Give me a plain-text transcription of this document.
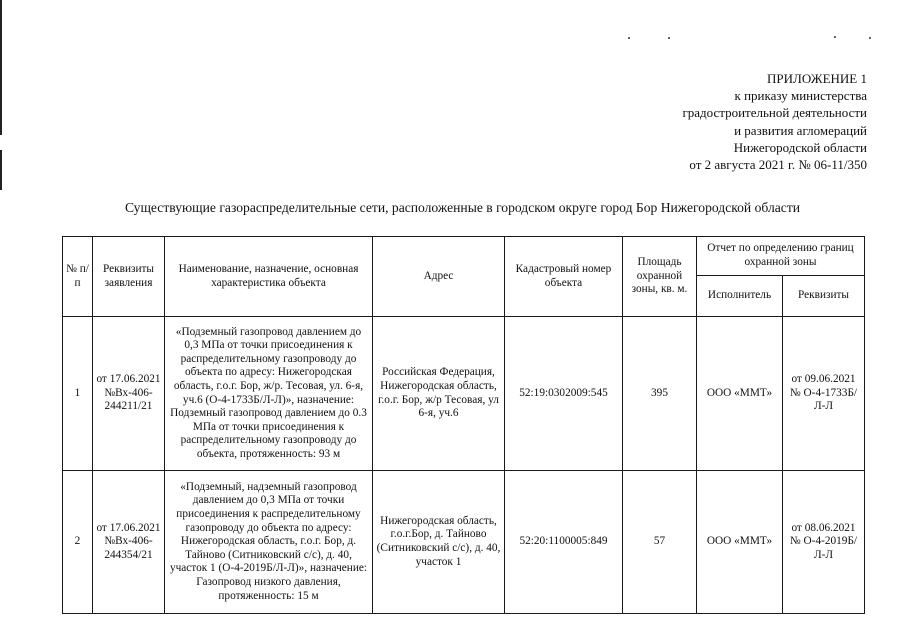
ПРИЛОЖЕНИЕ 1
к приказу министерства
градостроительной деятельности
и развития агломераций
Нижегородской области
от 2 августа 2021 г. № 06-11/350
Существующие газораспределительные сети, расположенные в городском округе город Бор Нижегородской области
№ п/п	Реквизиты заявления	Наименование, назначение, основная характеристика объекта	Адрес	Кадастровый номер объекта	Площадь охранной зоны, кв. м.	Отчет по определению границ охранной зоны	
						Исполнитель	Реквизиты
1	от 17.06.2021 №Вх-406-244211/21	«Подземный газопровод давлением до 0,3 МПа от точки присоединения к распределительному газопроводу до объекта по адресу: Нижегородская область, г.о.г. Бор, ж/р. Тесовая, ул. 6-я, уч.6 (О-4-1733Б/Л-Л)», назначение: Подземный газопровод давлением до 0.3 МПа от точки присоединения к распределительному газопроводу до объекта, протяженность: 93 м	Российская Федерация, Нижегородская область, г.о.г. Бор, ж/р Тесовая, ул 6-я, уч.6	52:19:0302009:545	395	ООО «ММТ»	от 09.06.2021 № О-4-1733Б/Л-Л
2	от 17.06.2021 №Вх-406-244354/21	«Подземный, надземный газопровод давлением до 0,3 МПа от точки присоединения к распределительному газопроводу до объекта по адресу: Нижегородская область, г.о.г. Бор, д. Тайново (Ситниковский с/с), д. 40, участок 1 (О-4-2019Б/Л-Л)», назначение: Газопровод низкого давления, протяженность: 15 м	Нижегородская область, г.о.г.Бор, д. Тайново (Ситниковский с/с), д. 40, участок 1	52:20:1100005:849	57	ООО «ММТ»	от 08.06.2021 № О-4-2019Б/Л-Л
